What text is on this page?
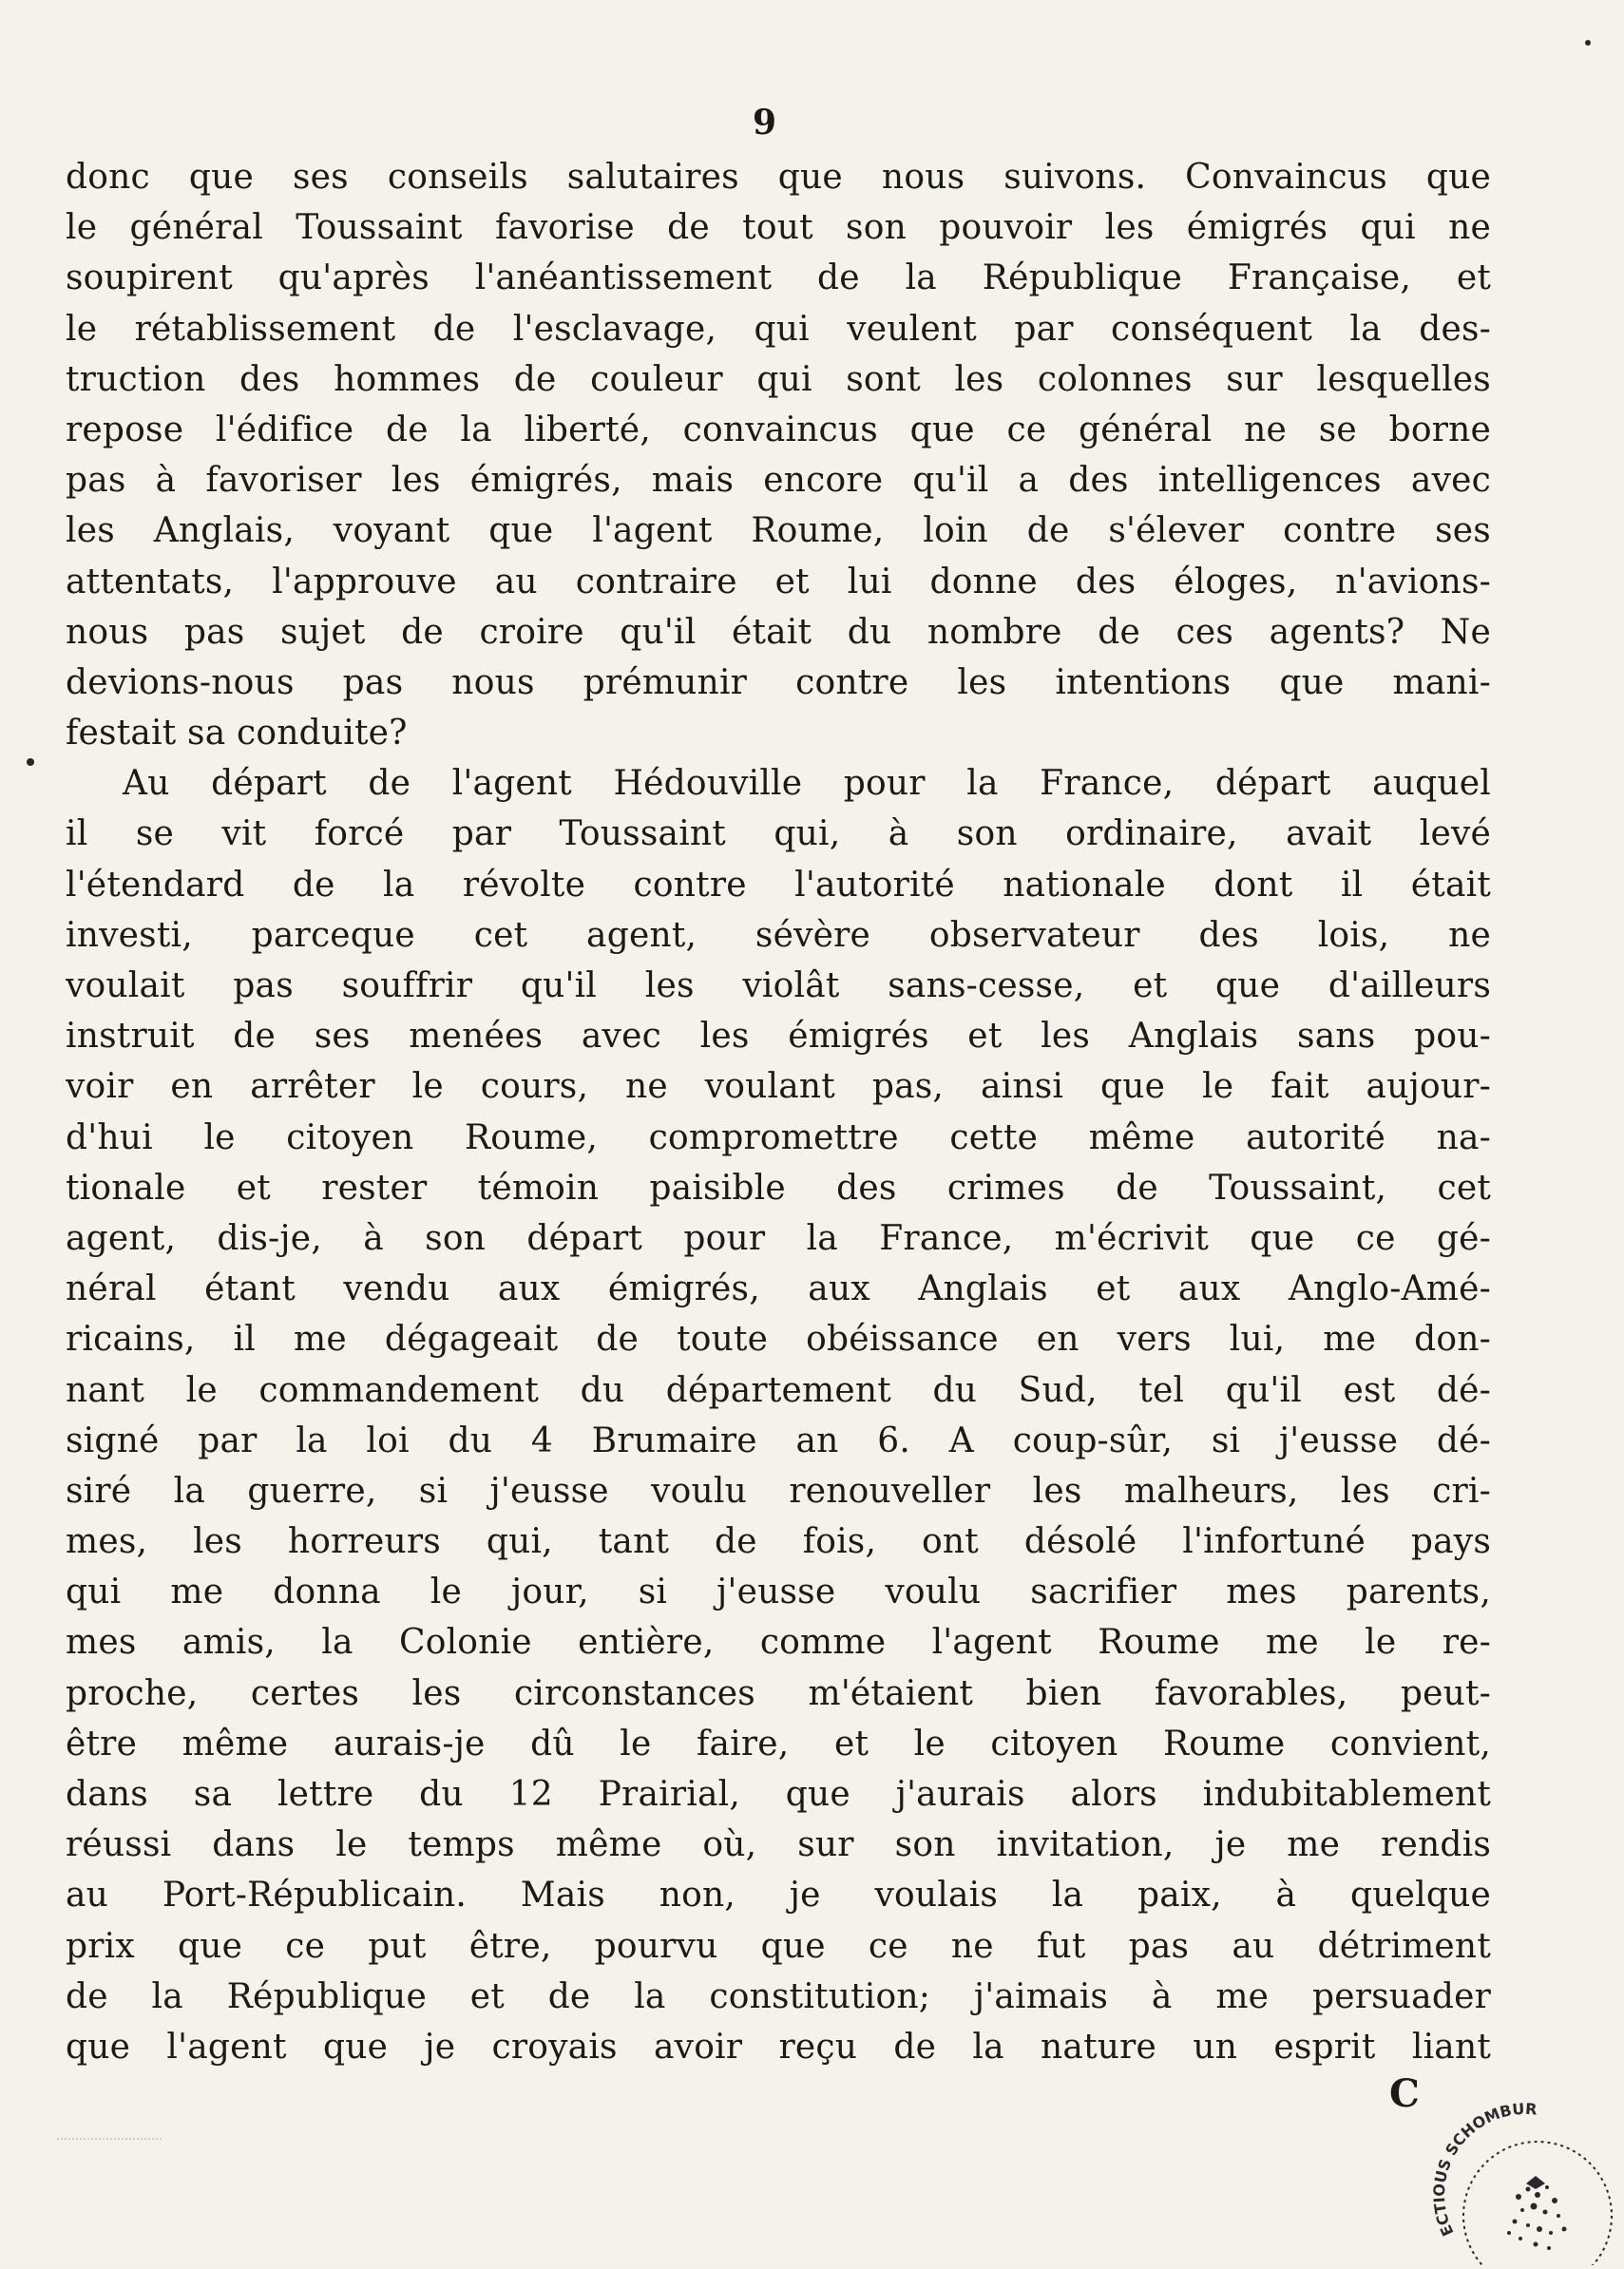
9
donc que ses conseils salutaires que nous suivons. Convaincus que
le général Toussaint favorise de tout son pouvoir les émigrés qui ne
soupirent qu'après l'anéantissement de la République Française, et
le rétablissement de l'esclavage, qui veulent par conséquent la des-
truction des hommes de couleur qui sont les colonnes sur lesquelles
repose l'édifice de la liberté, convaincus que ce général ne se borne
pas à favoriser les émigrés, mais encore qu'il a des intelligences avec
les Anglais, voyant que l'agent Roume, loin de s'élever contre ses
attentats, l'approuve au contraire et lui donne des éloges, n'avions-
nous pas sujet de croire qu'il était du nombre de ces agents? Ne
devions-nous pas nous prémunir contre les intentions que mani-
festait sa conduite?
Au départ de l'agent Hédouville pour la France, départ auquel
il se vit forcé par Toussaint qui, à son ordinaire, avait levé
l'étendard de la révolte contre l'autorité nationale dont il était
investi, parceque cet agent, sévère observateur des lois, ne
voulait pas souffrir qu'il les violât sans-cesse, et que d'ailleurs
instruit de ses menées avec les émigrés et les Anglais sans pou-
voir en arrêter le cours, ne voulant pas, ainsi que le fait aujour-
d'hui le citoyen Roume, compromettre cette même autorité na-
tionale et rester témoin paisible des crimes de Toussaint, cet
agent, dis-je, à son départ pour la France, m'écrivit que ce gé-
néral étant vendu aux émigrés, aux Anglais et aux Anglo-Amé-
ricains, il me dégageait de toute obéissance en vers lui, me don-
nant le commandement du département du Sud, tel qu'il est dé-
signé par la loi du 4 Brumaire an 6. A coup-sûr, si j'eusse dé-
siré la guerre, si j'eusse voulu renouveller les malheurs, les cri-
mes, les horreurs qui, tant de fois, ont désolé l'infortuné pays
qui me donna le jour, si j'eusse voulu sacrifier mes parents,
mes amis, la Colonie entière, comme l'agent Roume me le re-
proche, certes les circonstances m'étaient bien favorables, peut-
être même aurais-je dû le faire, et le citoyen Roume convient,
dans sa lettre du 12 Prairial, que j'aurais alors indubitablement
réussi dans le temps même où, sur son invitation, je me rendis
au Port-Républicain. Mais non, je voulais la paix, à quelque
prix que ce put être, pourvu que ce ne fut pas au détriment
de la République et de la constitution; j'aimais à me persuader
que l'agent que je croyais avoir reçu de la nature un esprit liant
C
ECTIOUS SCHOMBUR
